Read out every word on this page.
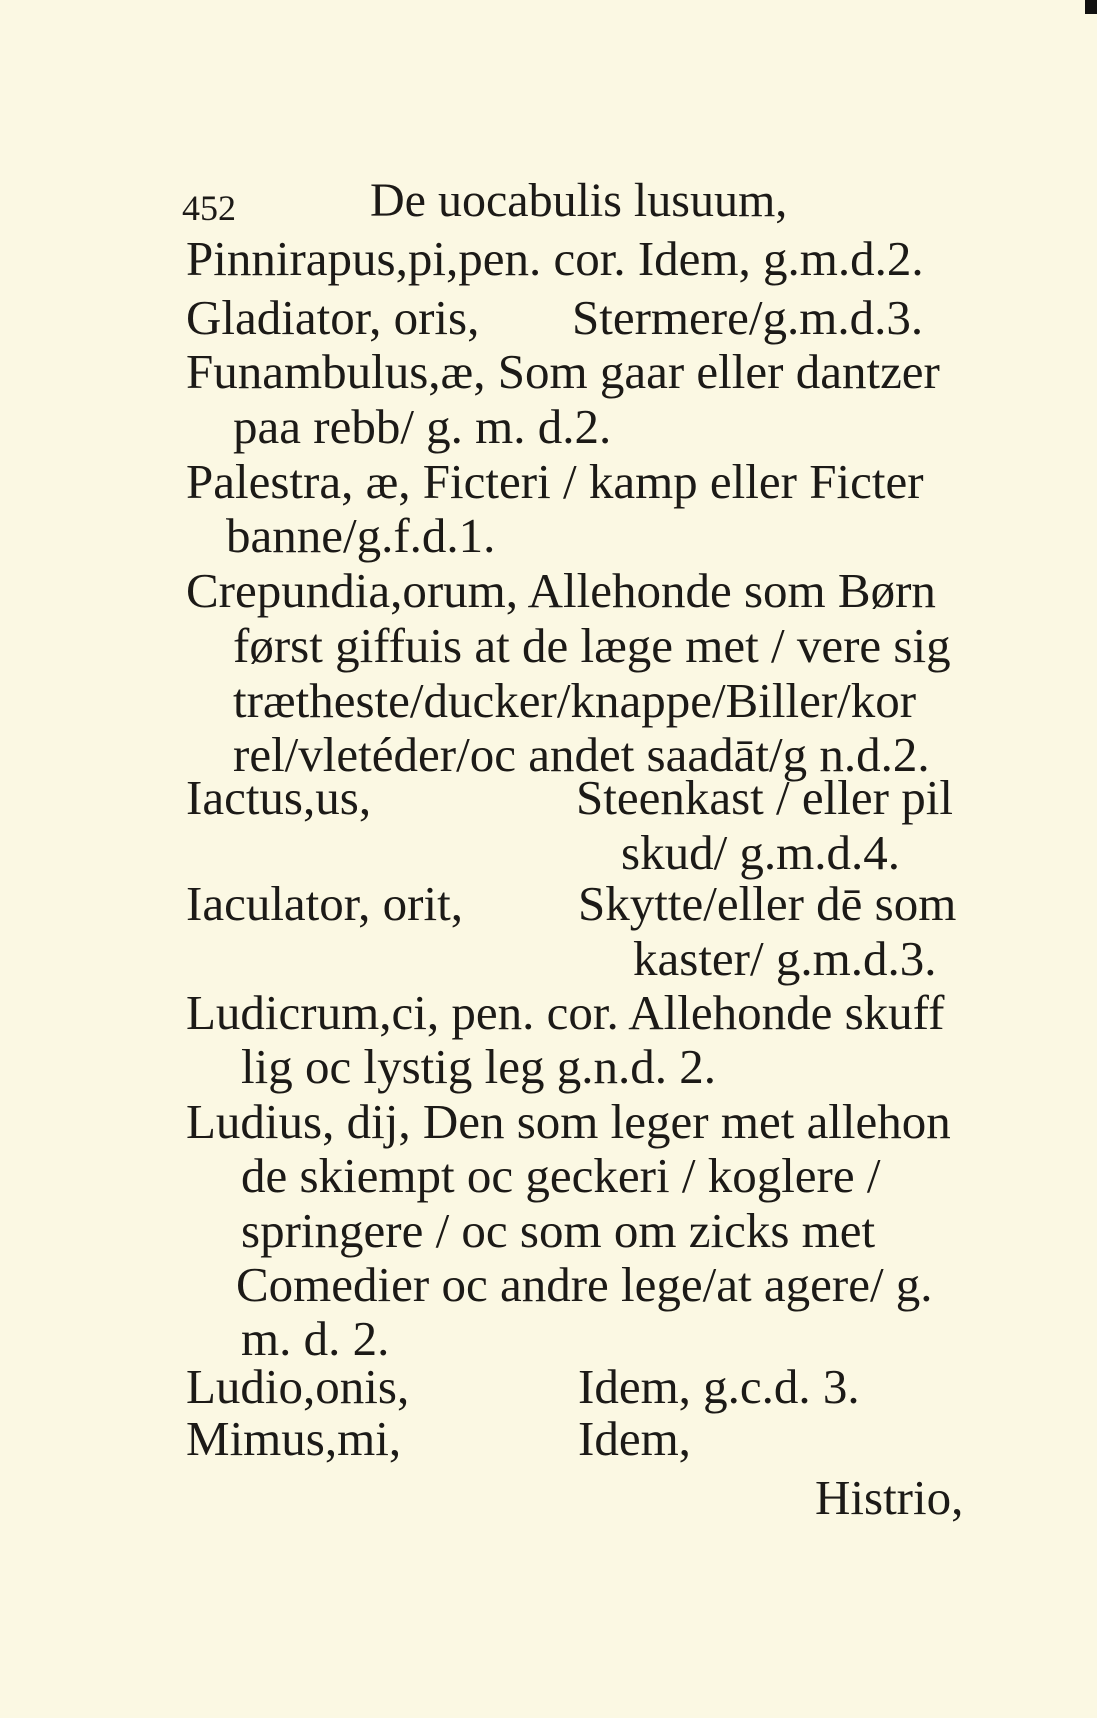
452	De uocabulis lusuum,
Pinnirapus,pi,pen. cor. Idem, g.m.d.2.
Gladiator, oris, Stermere/g.m.d.3.
Funambulus,æ, Som gaar eller dantzer
paa rebb/ g. m. d.2.
Palestra, æ, Ficteri / kamp eller Ficter
banne/g.f.d.1.
Crepundia,orum, Allehonde som Børn
først giffuis at de læge met / vere sig
trætheste/ducker/knappe/Biller/kor
rel/vletéder/oc andet saadāt/g n.d.2.
Iactus,us,	Steenkast / eller pil
skud/ g.m.d.4.
Iaculator, orit, Skytte/eller dē som
kaster/ g.m.d.3.
Ludicrum,ci, pen. cor. Allehonde skuff
lig oc lystig leg g.n.d. 2.
Ludius, dij, Den som leger met allehon
de skiempt oc geckeri / koglere /
springere / oc som om zicks met
Comedier oc andre lege/at agere/ g.
m. d. 2.
Ludio,onis,	Idem, g.c.d. 3.
Mimus,mi,	Idem,
Histrio,
